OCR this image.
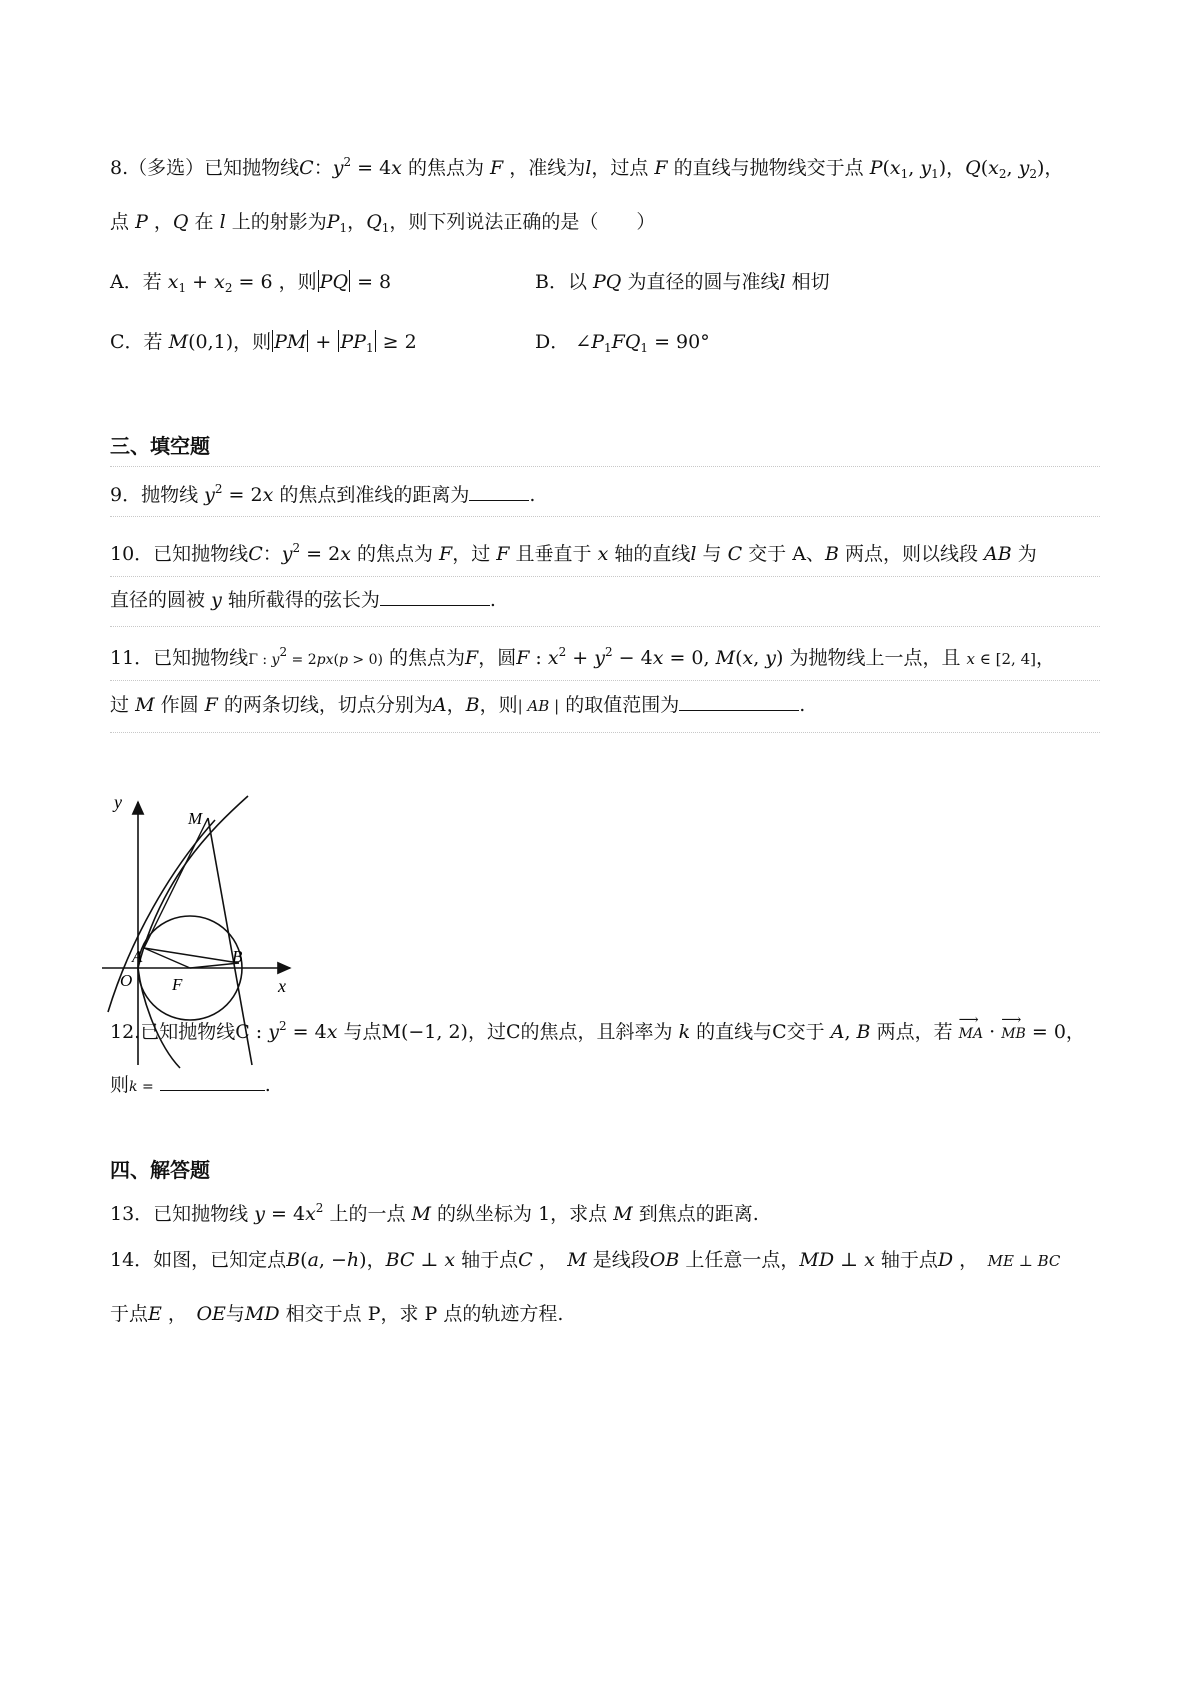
8.（多选）已知抛物线C：$y^2 = 4x$ 的焦点为 F ，准线为l，过点 F 的直线与抛物线交于点 $P(x_1$, $y_1$)，$Q(x_2$, $y_2$)，
点 P ，Q 在 l 上的射影为$P_1$，$Q_1$，则下列说法正确的是（　　）
A．若 $x_1 + x_2 = 6$ ，则 PQ = 8	B．以 PQ 为直径的圆与准线l 相切
C．若 M(0,1)，则 PM + $PP_1 \ge 2$	D． $\angle P_1FQ_1 = 90^\circ$
三、填空题
9．抛物线 $y^2 = 2x$ 的焦点到准线的距离为	.
10．已知抛物线C：$y^2 = 2x$ 的焦点为 F，过 F 且垂直于 x 轴的直线l 与 C 交于 A、B 两点，则以线段 AB 为
直径的圆被 y 轴所截得的弦长为	.
11．已知抛物线Γ : $y^2 = 2px(p > 0)$ 的焦点为F，圆F : $x^2 + y^2 - 4x = 0$, M(x, y) 为抛物线上一点，且 x ∈ [2, 4]，
过 M 作圆 F 的两条切线，切点分别为A，B，则| AB | 的取值范围为	.
y
x
M
A	B
O F
12.已知抛物线C : $y^2 = 4x$ 与点M(−1, 2)，过C的焦点，且斜率为 k 的直线与C交于 A, B 两点，若 ⟶ MA · ⟶ MB = 0，
则k =	.
四、解答题
13．已知抛物线 $y = 4x^2$ 上的一点 M 的纵坐标为 1，求点 M 到焦点的距离.
14．如图，已知定点B(a, −h)，BC ⊥ x 轴于点C ，　M 是线段OB 上任意一点，MD ⊥ x 轴于点D ，　ME ⊥ BC
于点E ，　OE与MD 相交于点 P，求 P 点的轨迹方程.
